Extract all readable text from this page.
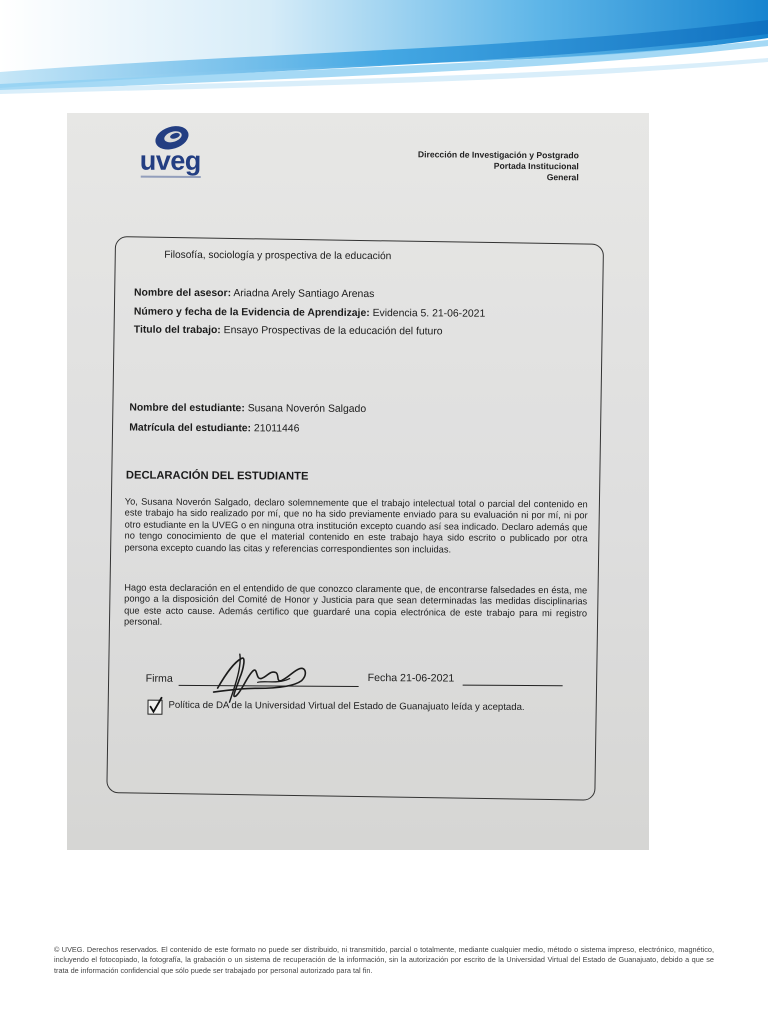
uveg	Dirección de Investigación y Postgrado
Portada Institucional
General
Filosofía, sociología y prospectiva de la educación
Nombre del asesor: Ariadna Arely Santiago Arenas
Número y fecha de la Evidencia de Aprendizaje: Evidencia 5. 21-06-2021
Titulo del trabajo: Ensayo Prospectivas de la educación del futuro
Nombre del estudiante: Susana Noverón Salgado
Matrícula del estudiante: 21011446
DECLARACIÓN DEL ESTUDIANTE
Yo, Susana Noverón Salgado, declaro solemnemente que el trabajo intelectual total o parcial del contenido en este trabajo ha sido realizado por mí, que no ha sido previamente enviado para su evaluación ni por mí, ni por otro estudiante en la UVEG o en ninguna otra institución excepto cuando así sea indicado. Declaro además que no tengo conocimiento de que el material contenido en este trabajo haya sido escrito o publicado por otra persona excepto cuando las citas y referencias correspondientes son incluidas.
Hago esta declaración en el entendido de que conozco claramente que, de encontrarse falsedades en ésta, me pongo a la disposición del Comité de Honor y Justicia para que sean determinadas las medidas disciplinarias que este acto cause. Además certifico que guardaré una copia electrónica de este trabajo para mi registro personal.
Firma	Fecha 21-06-2021
Política de DA de la Universidad Virtual del Estado de Guanajuato leída y aceptada.
© UVEG. Derechos reservados. El contenido de este formato no puede ser distribuido, ni transmitido, parcial o totalmente, mediante cualquier medio, método o sistema impreso, electrónico, magnético, incluyendo el fotocopiado, la fotografía, la grabación o un sistema de recuperación de la información, sin la autorización por escrito de la Universidad Virtual del Estado de Guanajuato, debido a que se trata de información confidencial que sólo puede ser trabajado por personal autorizado para tal fin.
